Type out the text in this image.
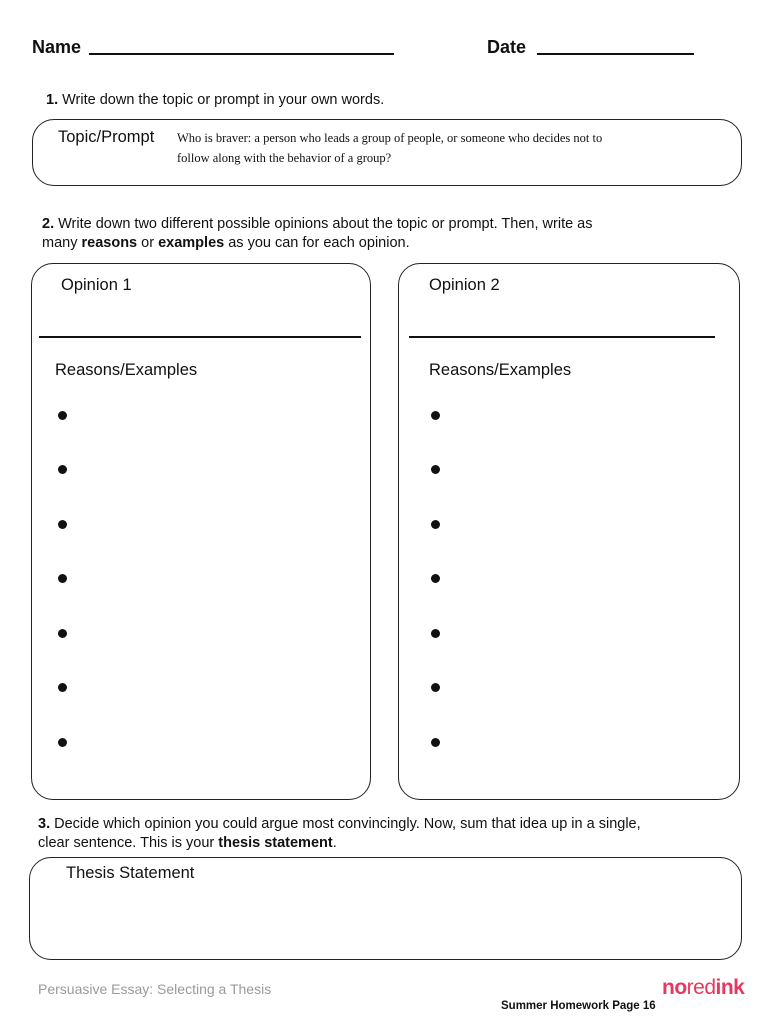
Name	Date
1. Write down the topic or prompt in your own words.
Topic/Prompt Who is braver: a person who leads a group of people, or someone who decides not to
follow along with the behavior of a group?
2. Write down two different possible opinions about the topic or prompt. Then, write as
many reasons or examples as you can for each opinion.
Opinion 1
Reasons/Examples
Opinion 2
Reasons/Examples
3. Decide which opinion you could argue most convincingly. Now, sum that idea up in a single,
clear sentence. This is your thesis statement.
Thesis Statement
Persuasive Essay: Selecting a Thesis	noredink
Summer Homework Page 16
